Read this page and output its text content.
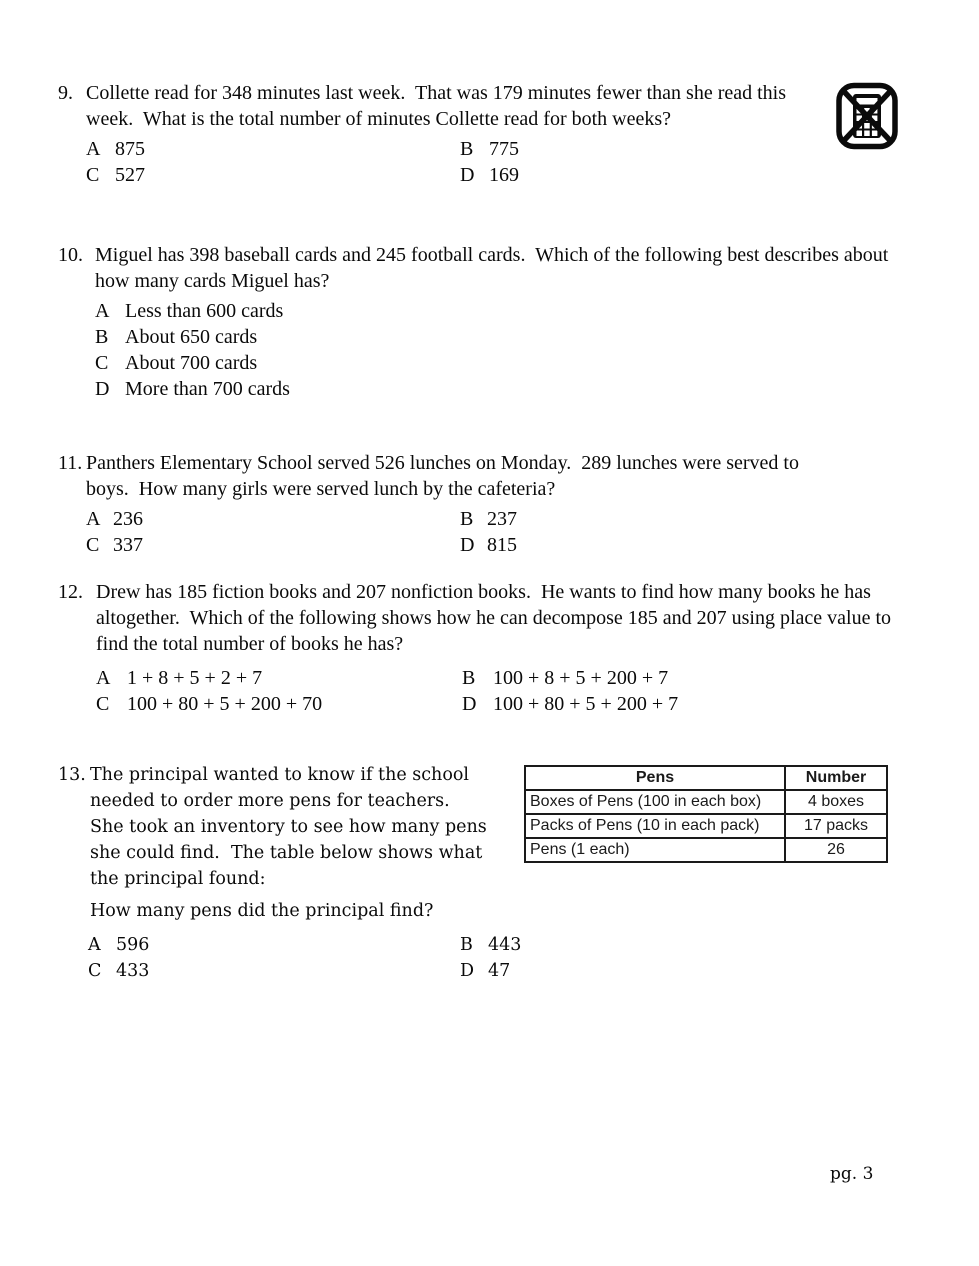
9. Collette read for 348 minutes last week.  That was 179 minutes fewer than she read this week.  What is the total number of minutes Collette read for both weeks?
A 875	B 775
C 527	D 169
10. Miguel has 398 baseball cards and 245 football cards.  Which of the following best describes about how many cards Miguel has?
A Less than 600 cards
B About 650 cards
C About 700 cards
D More than 700 cards
11. Panthers Elementary School served 526 lunches on Monday.  289 lunches were served to boys.  How many girls were served lunch by the cafeteria?
A 236	B 237
C 337	D 815
12. Drew has 185 fiction books and 207 nonfiction books.  He wants to find how many books he has altogether.  Which of the following shows how he can decompose 185 and 207 using place value to find the total number of books he has?
A 1 + 8 + 5 + 2 + 7	B 100 + 8 + 5 + 200 + 7
C 100 + 80 + 5 + 200 + 70	D 100 + 80 + 5 + 200 + 7
13. The principal wanted to know if the school needed to order more pens for teachers.  She took an inventory to see how many pens she could find.  The table below shows what the principal found:
How many pens did the principal find?
A 596	B 443
C 433	D 47
Pens	Number
Boxes of Pens (100 in each box)	4 boxes
Packs of Pens (10 in each pack)	17 packs
Pens (1 each)	26
pg. 3
